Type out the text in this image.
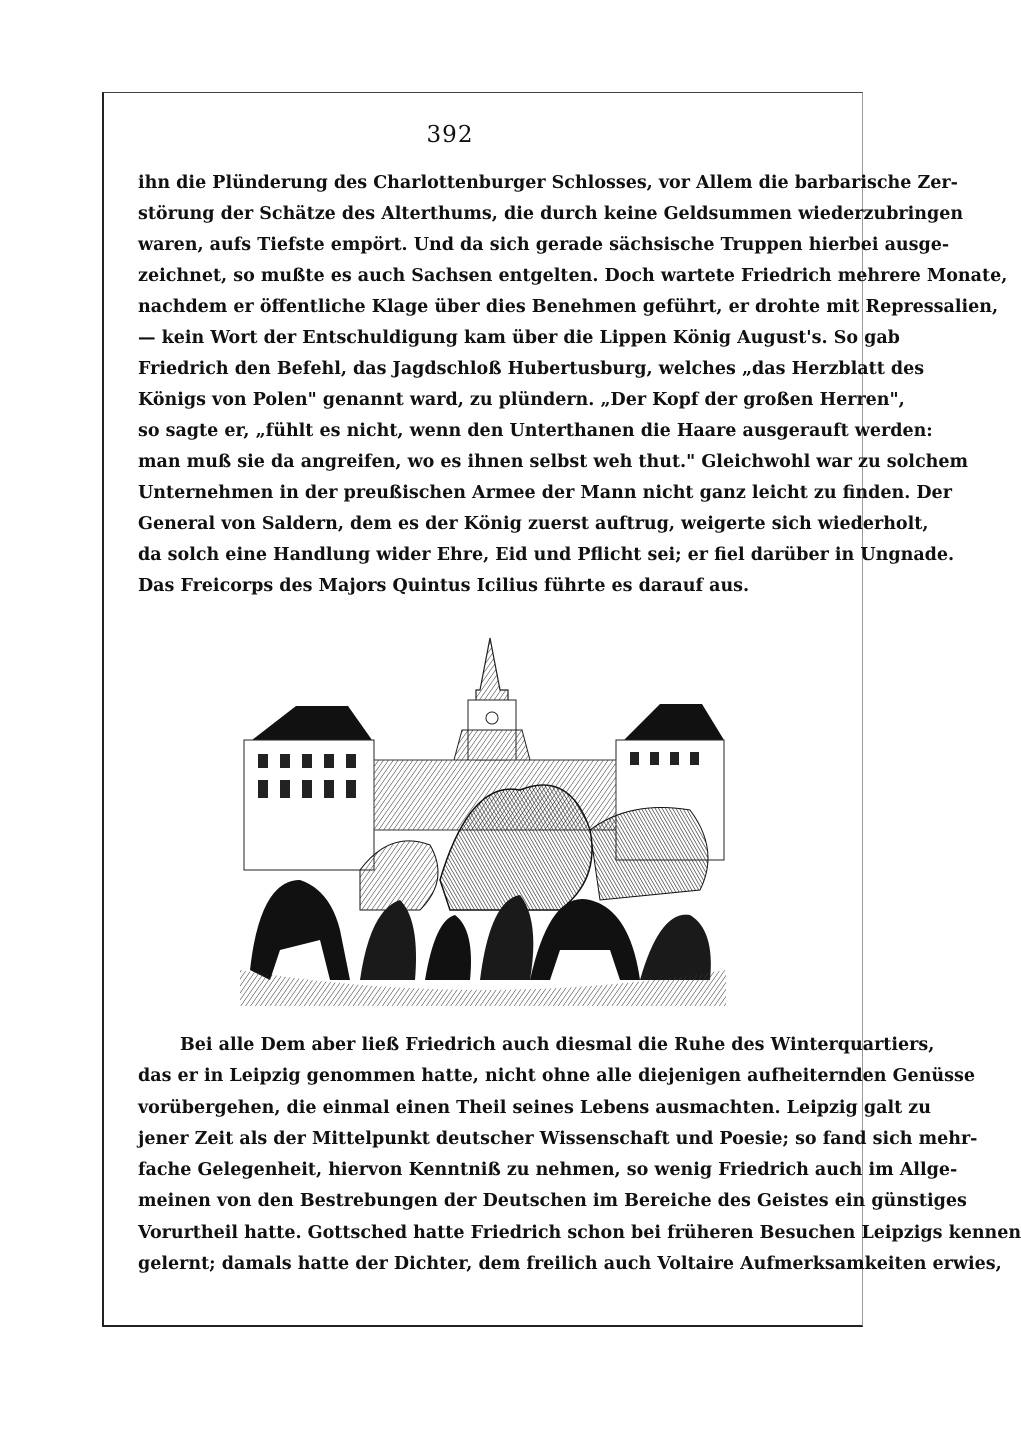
392
ihn die Plünderung des Charlottenburger Schlosses, vor Allem die barbarische Zer-
störung der Schätze des Alterthums, die durch keine Geldsummen wiederzubringen
waren, aufs Tiefste empört. Und da sich gerade sächsische Truppen hierbei ausge-
zeichnet, so mußte es auch Sachsen entgelten. Doch wartete Friedrich mehrere Monate,
nachdem er öffentliche Klage über dies Benehmen geführt, er drohte mit Repressalien,
— kein Wort der Entschuldigung kam über die Lippen König August's. So gab
Friedrich den Befehl, das Jagdschloß Hubertusburg, welches „das Herzblatt des
Königs von Polen" genannt ward, zu plündern. „Der Kopf der großen Herren",
so sagte er, „fühlt es nicht, wenn den Unterthanen die Haare ausgerauft werden:
man muß sie da angreifen, wo es ihnen selbst weh thut." Gleichwohl war zu solchem
Unternehmen in der preußischen Armee der Mann nicht ganz leicht zu finden. Der
General von Saldern, dem es der König zuerst auftrug, weigerte sich wiederholt,
da solch eine Handlung wider Ehre, Eid und Pflicht sei; er fiel darüber in Ungnade.
Das Freicorps des Majors Quintus Icilius führte es darauf aus.
Bei alle Dem aber ließ Friedrich auch diesmal die Ruhe des Winterquartiers,
das er in Leipzig genommen hatte, nicht ohne alle diejenigen aufheiternden Genüsse
vorübergehen, die einmal einen Theil seines Lebens ausmachten. Leipzig galt zu
jener Zeit als der Mittelpunkt deutscher Wissenschaft und Poesie; so fand sich mehr-
fache Gelegenheit, hiervon Kenntniß zu nehmen, so wenig Friedrich auch im Allge-
meinen von den Bestrebungen der Deutschen im Bereiche des Geistes ein günstiges
Vorurtheil hatte. Gottsched hatte Friedrich schon bei früheren Besuchen Leipzigs kennen
gelernt; damals hatte der Dichter, dem freilich auch Voltaire Aufmerksamkeiten erwies,
